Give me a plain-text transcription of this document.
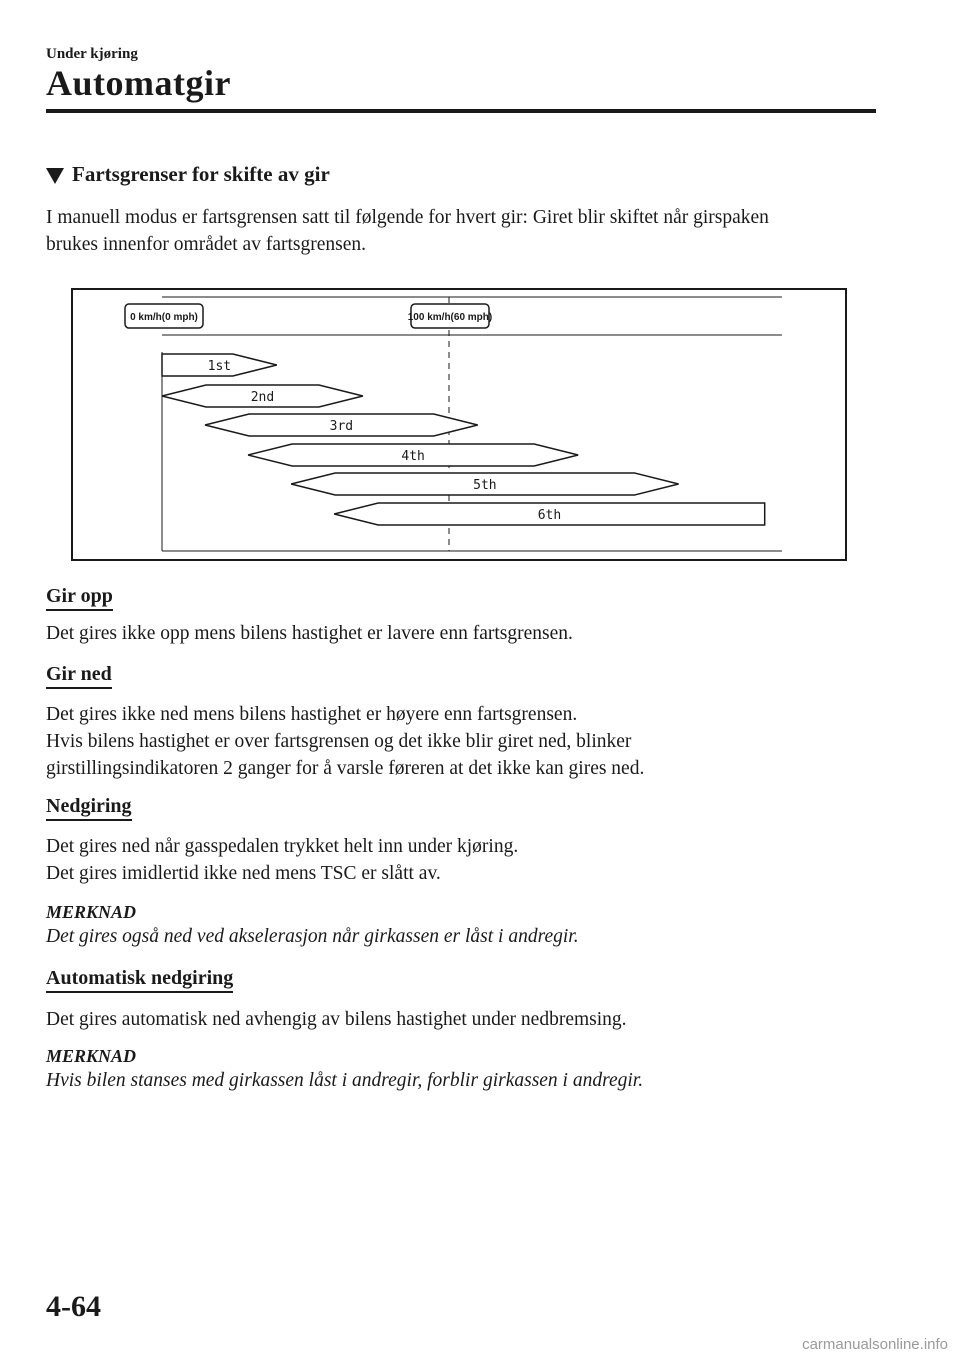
Under kjøring
Automatgir
Fartsgrenser for skifte av gir
I manuell modus er fartsgrensen satt til følgende for hvert gir: Giret blir skiftet når girspaken
brukes innenfor området av fartsgrensen.
0 km/h(0 mph)	100 km/h(60 mph)
1st
2nd
3rd
4th
5th
6th
Gir opp
Det gires ikke opp mens bilens hastighet er lavere enn fartsgrensen.
Gir ned
Det gires ikke ned mens bilens hastighet er høyere enn fartsgrensen.
Hvis bilens hastighet er over fartsgrensen og det ikke blir giret ned, blinker
girstillingsindikatoren 2 ganger for å varsle føreren at det ikke kan gires ned.
Nedgiring
Det gires ned når gasspedalen trykket helt inn under kjøring.
Det gires imidlertid ikke ned mens TSC er slått av.
MERKNAD
Det gires også ned ved akselerasjon når girkassen er låst i andregir.
Automatisk nedgiring
Det gires automatisk ned avhengig av bilens hastighet under nedbremsing.
MERKNAD
Hvis bilen stanses med girkassen låst i andregir, forblir girkassen i andregir.
4-64
carmanualsonline.info
